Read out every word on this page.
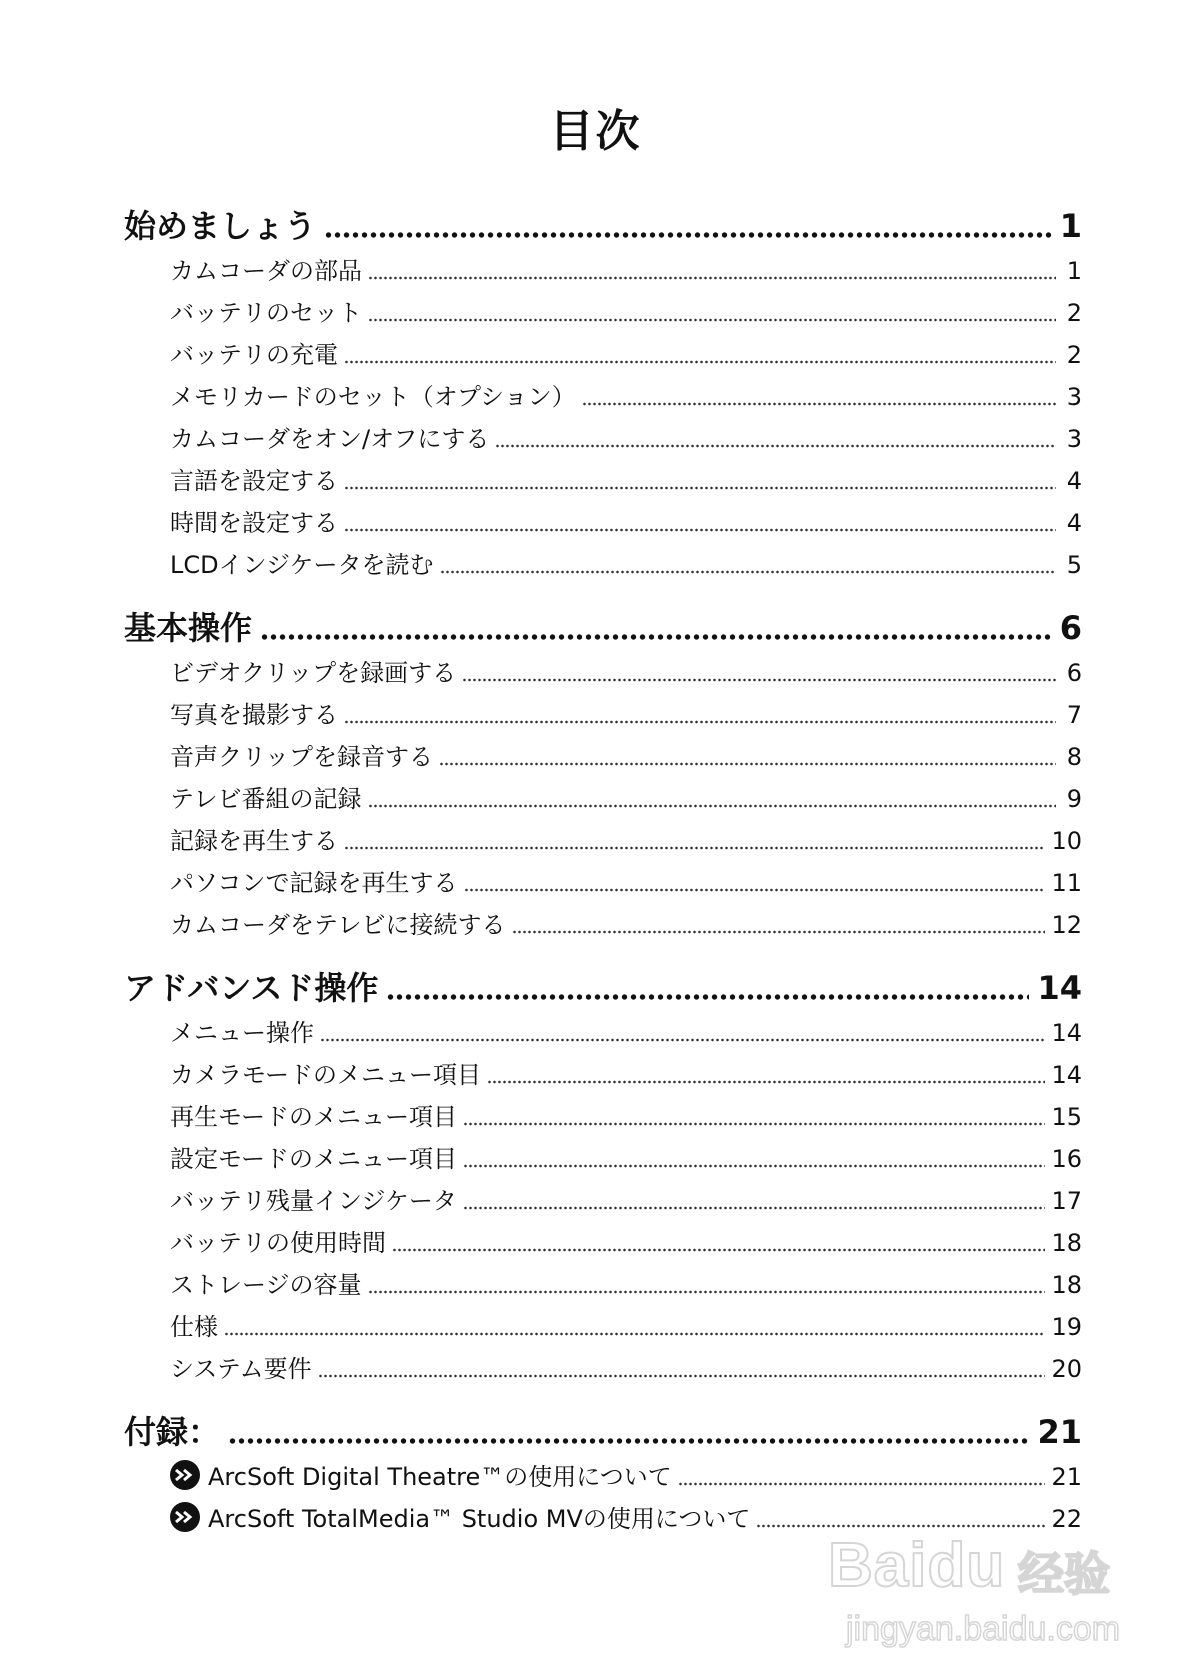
目次
始めましょう	1
カムコーダの部品	1
バッテリのセット	2
バッテリの充電	2
メモリカードのセット（オプション）	3
カムコーダをオン/オフにする	3
言語を設定する	4
時間を設定する	4
LCDインジケータを読む	5
基本操作	6
ビデオクリップを録画する	6
写真を撮影する	7
音声クリップを録音する	8
テレビ番組の記録	9
記録を再生する	10
パソコンで記録を再生する	11
カムコーダをテレビに接続する	12
アドバンスド操作	14
メニュー操作	14
カメラモードのメニュー項目	14
再生モードのメニュー項目	15
設定モードのメニュー項目	16
バッテリ残量インジケータ	17
バッテリの使用時間	18
ストレージの容量	18
仕様	19
システム要件	20
付録：	21
ArcSoft Digital Theatre™の使用について	21
ArcSoft TotalMedia™ Studio MVの使用について	22
Baidu 经验
jingyan.baidu.com
